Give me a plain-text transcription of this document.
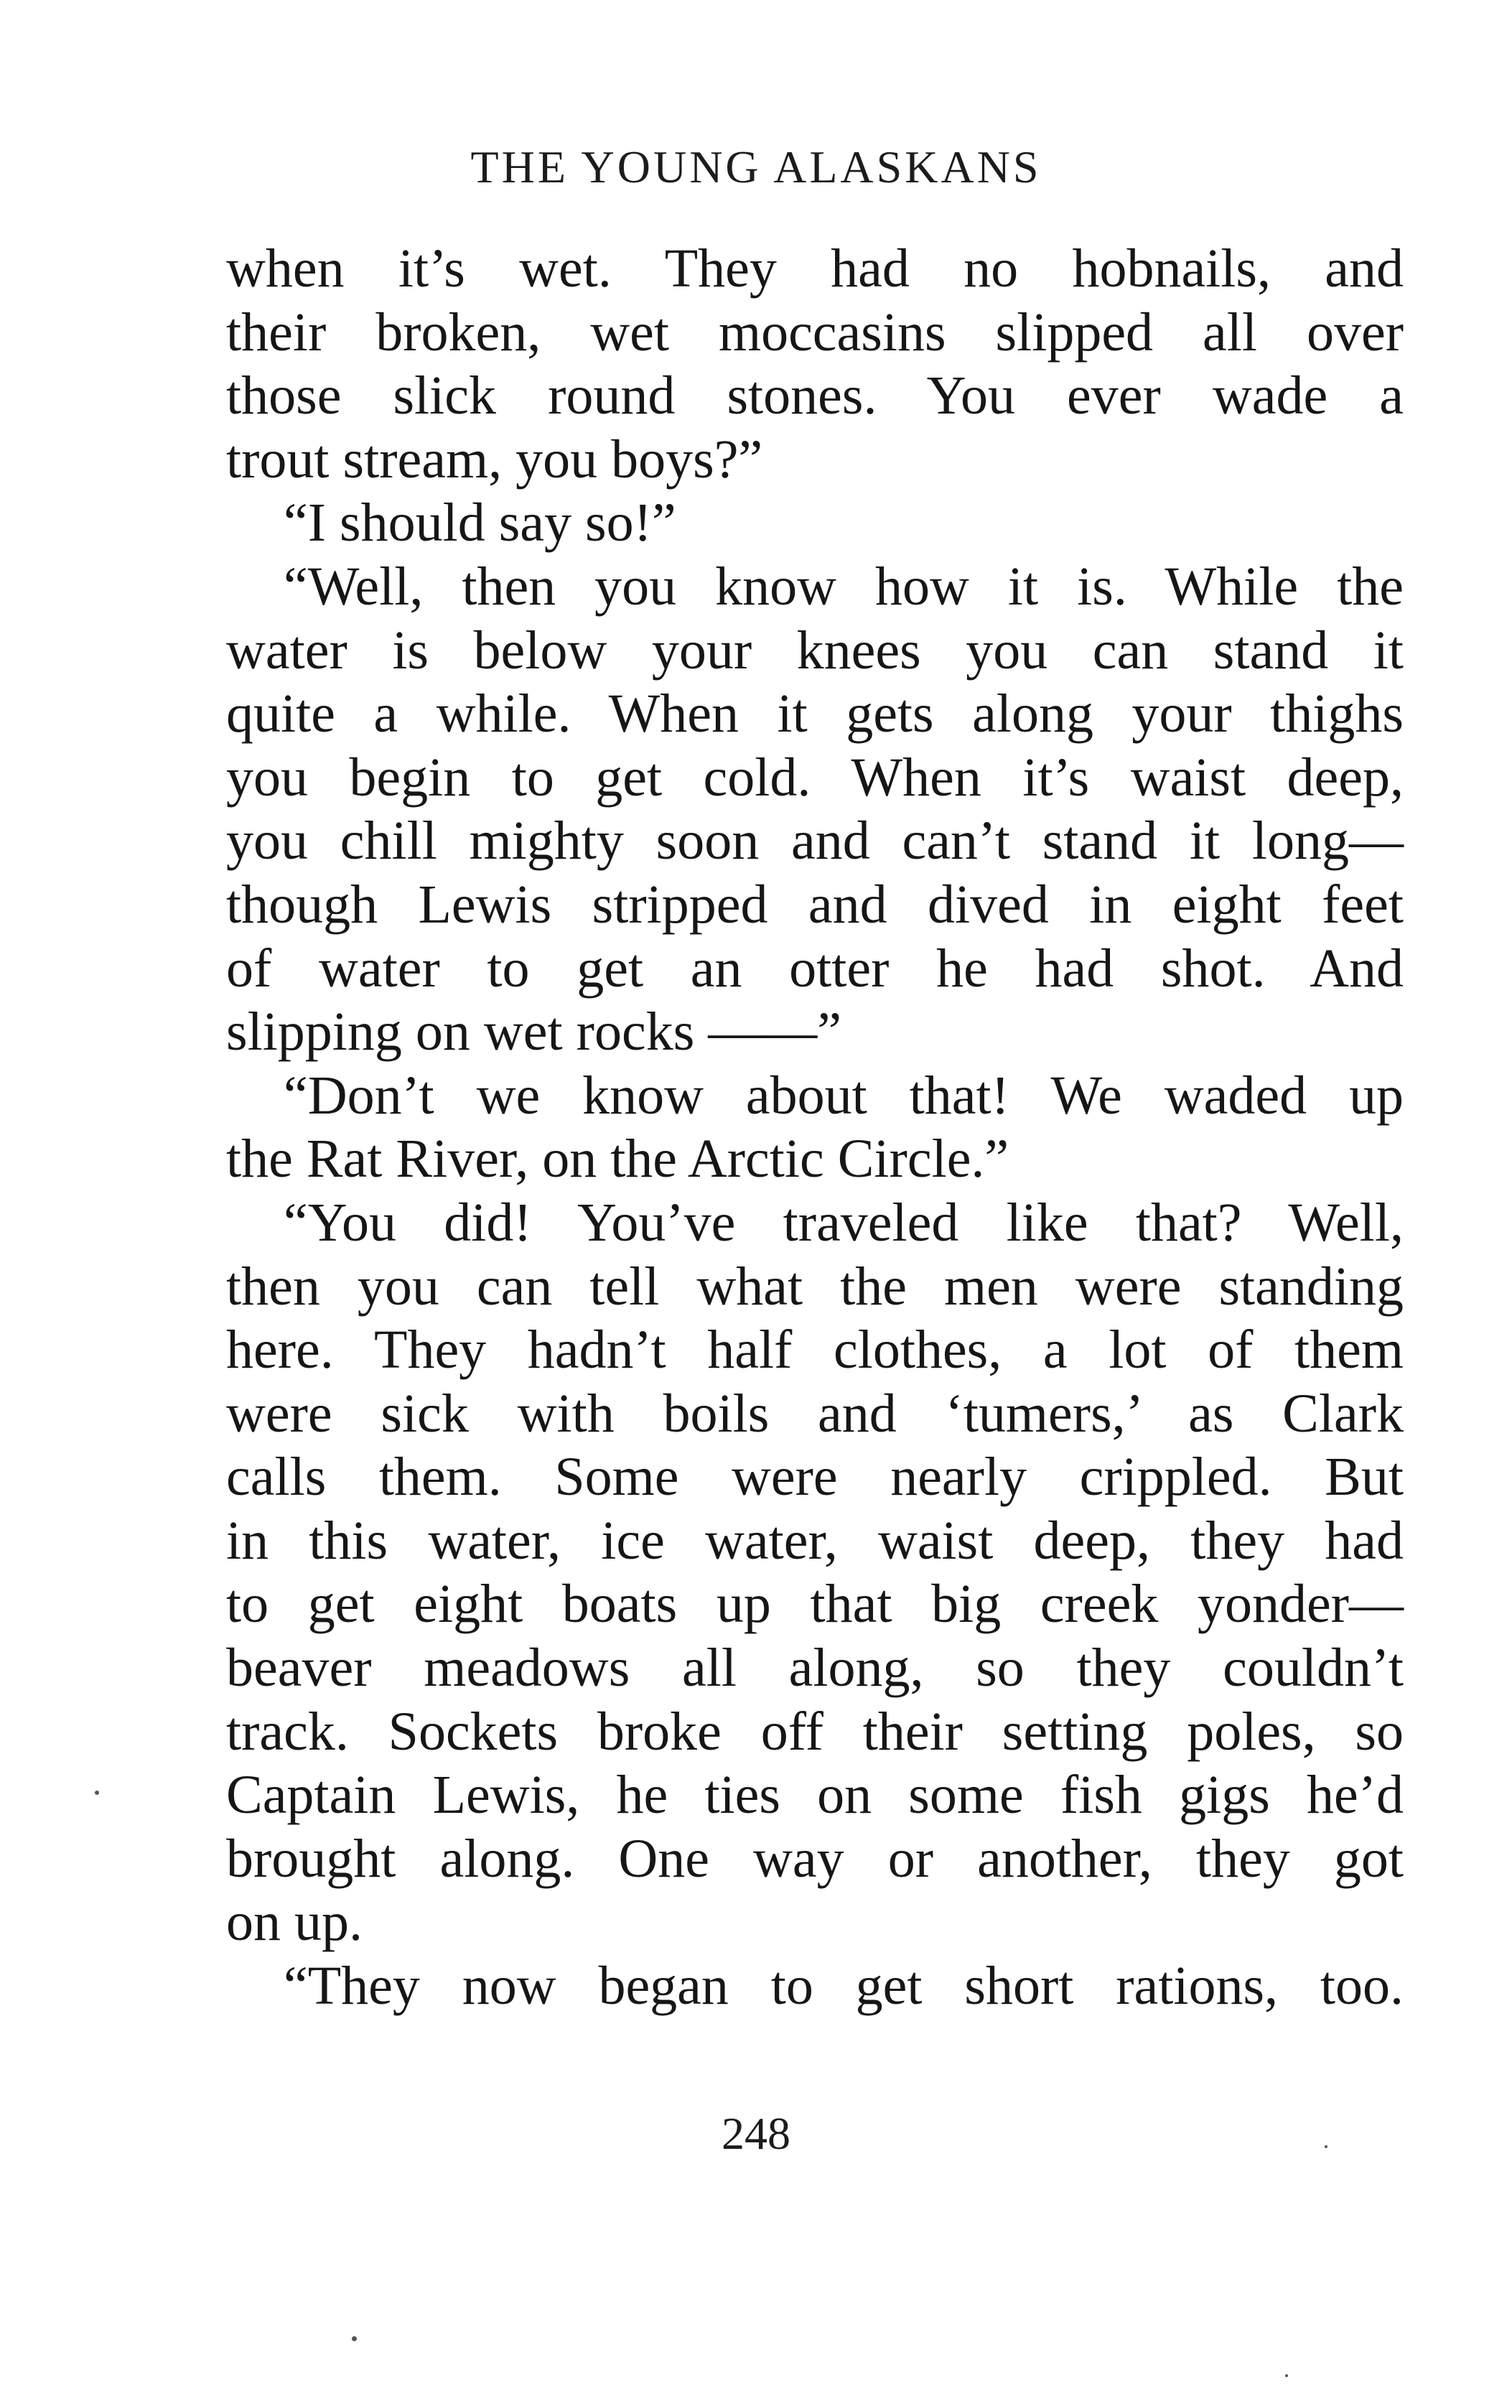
THE YOUNG ALASKANS
when it’s wet. They had no hobnails, and
their broken, wet moccasins slipped all over
those slick round stones. You ever wade a
trout stream, you boys?”
“I should say so!”
“Well, then you know how it is. While the
water is below your knees you can stand it
quite a while. When it gets along your thighs
you begin to get cold. When it’s waist deep,
you chill mighty soon and can’t stand it long—
though Lewis stripped and dived in eight feet
of water to get an otter he had shot. And
slipping on wet rocks ——”
“Don’t we know about that! We waded up
the Rat River, on the Arctic Circle.”
“You did! You’ve traveled like that? Well,
then you can tell what the men were standing
here. They hadn’t half clothes, a lot of them
were sick with boils and ‘tumers,’ as Clark
calls them. Some were nearly crippled. But
in this water, ice water, waist deep, they had
to get eight boats up that big creek yonder—
beaver meadows all along, so they couldn’t
track. Sockets broke off their setting poles, so
Captain Lewis, he ties on some fish gigs he’d
brought along. One way or another, they got
on up.
“They now began to get short rations, too.
248
